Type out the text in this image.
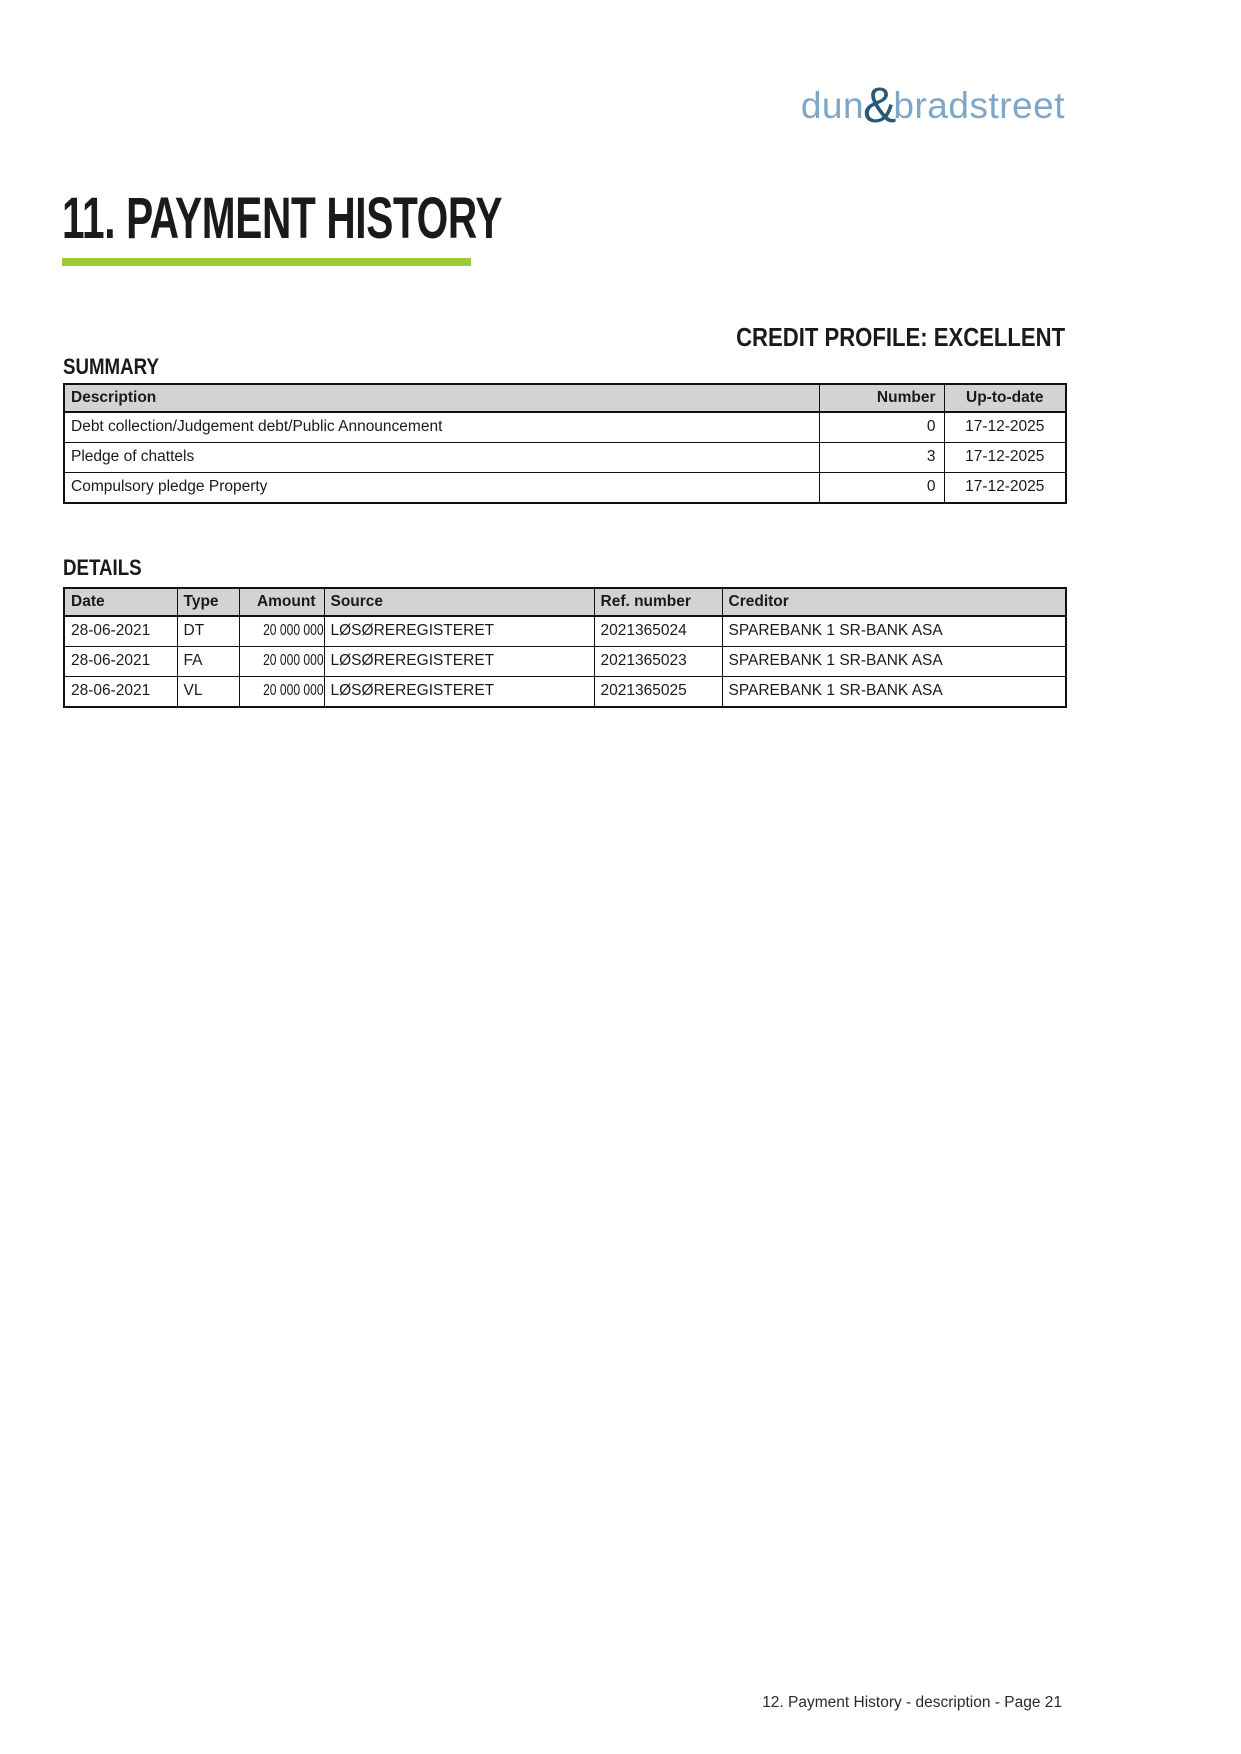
dun&bradstreet
11. PAYMENT HISTORY
CREDIT PROFILE: EXCELLENT
SUMMARY
Description	Number	Up-to-date
Debt collection/Judgement debt/Public Announcement	0	17-12-2025
Pledge of chattels	3	17-12-2025
Compulsory pledge Property	0	17-12-2025
DETAILS
Date	Type	Amount	Source	Ref. number	Creditor
28-06-2021	DT	20 000 000	LØSØREREGISTERET	2021365024	SPAREBANK 1 SR-BANK ASA
28-06-2021	FA	20 000 000	LØSØREREGISTERET	2021365023	SPAREBANK 1 SR-BANK ASA
28-06-2021	VL	20 000 000	LØSØREREGISTERET	2021365025	SPAREBANK 1 SR-BANK ASA
12. Payment History - description - Page 21
